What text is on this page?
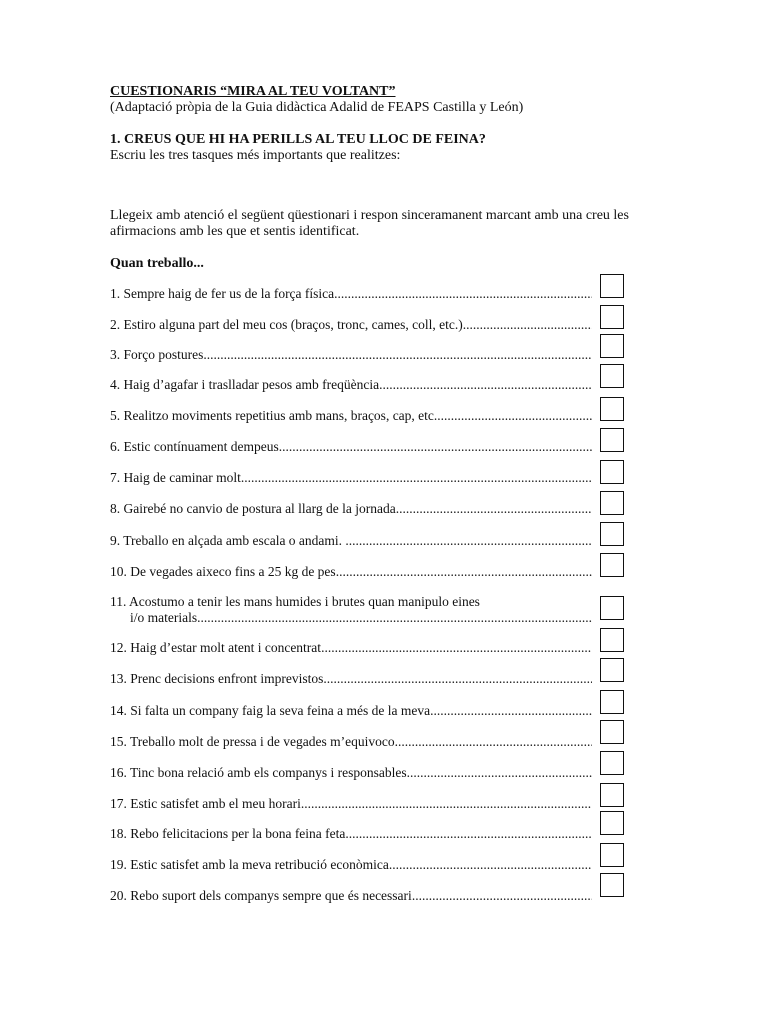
CUESTIONARIS “MIRA AL TEU VOLTANT”
(Adaptació pròpia de la Guia didàctica Adalid de FEAPS Castilla y León)
1. CREUS QUE HI HA PERILLS AL TEU LLOC DE FEINA?
Escriu les tres tasques més importants que realitzes:
Llegeix amb atenció el següent qüestionari i respon sinceramanent marcant amb una creu les afirmacions amb les que et sentis identificat.
Quan treballo...
1. Sempre haig de fer us de la força física .....
2. Estiro alguna part del meu cos (braços, tronc, cames, coll, etc.) .....
3. Forço postures .....
4. Haig d’agafar i traslladar pesos amb freqüència .....
5. Realitzo moviments repetitius amb mans, braços, cap, etc .....
6. Estic contínuament dempeus .....
7. Haig de caminar molt .....
8. Gairebé no canvio de postura al llarg de la jornada .....
9. Treballo en alçada amb escala o andami. .....
10. De vegades aixeco fins a 25 kg de pes .....
11. Acostumo a tenir les mans humides i brutes quan manipulo eines
i/o materials .....
12. Haig d’estar molt atent i concentrat .....
13. Prenc decisions enfront imprevistos .....
14. Si falta un company faig la seva feina a més de la meva .....
15. Treballo molt de pressa i de vegades m’equivoco .....
16. Tinc bona relació amb els companys i responsables .....
17. Estic satisfet amb el meu horari .....
18. Rebo felicitacions per la bona feina feta .....
19. Estic satisfet amb la meva retribució econòmica .....
20. Rebo suport dels companys sempre que és necessari .....
